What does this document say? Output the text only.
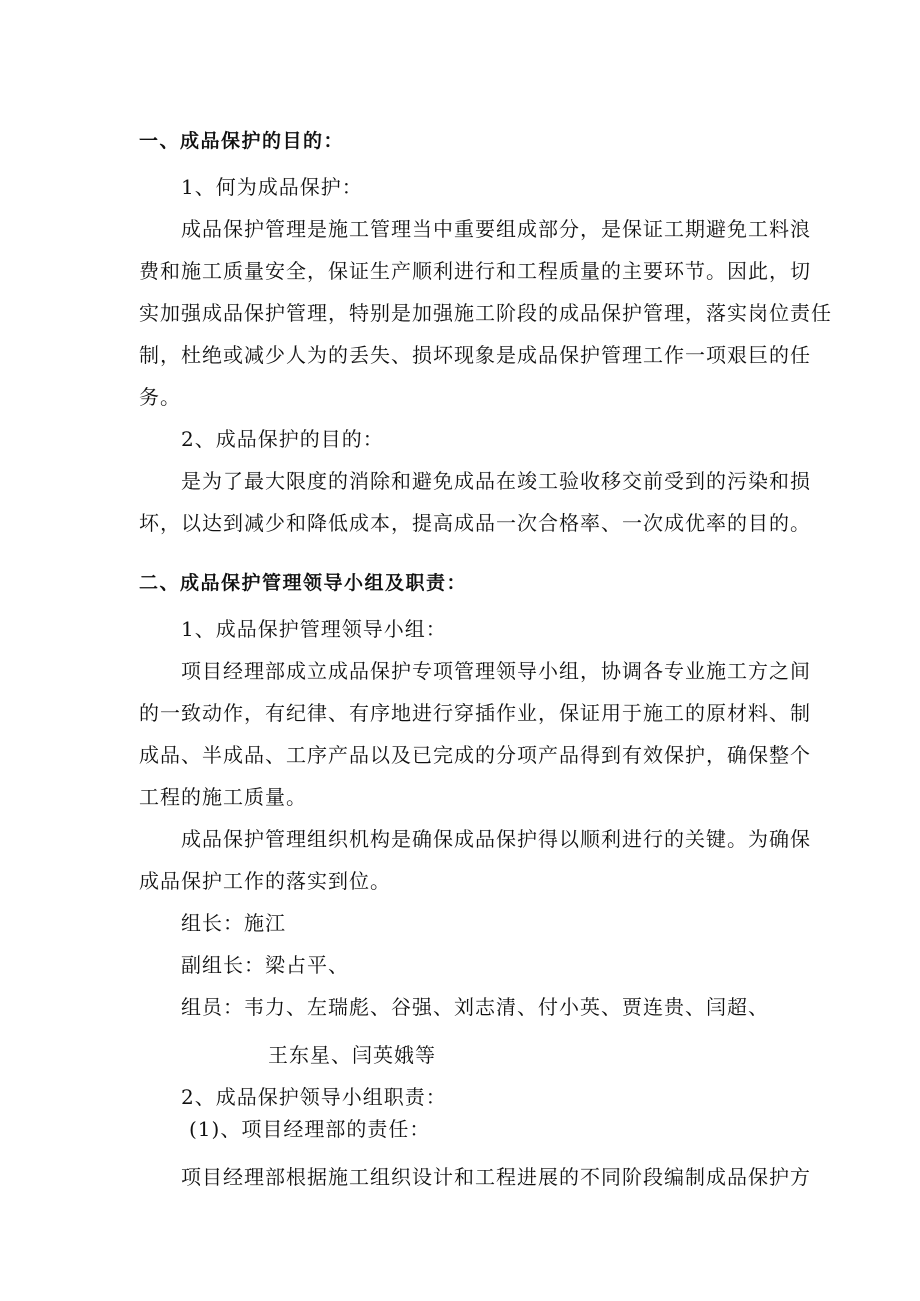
一、成品保护的目的：
1、何为成品保护：
成品保护管理是施工管理当中重要组成部分，是保证工期避免工料浪
费和施工质量安全，保证生产顺利进行和工程质量的主要环节。因此，切
实加强成品保护管理，特别是加强施工阶段的成品保护管理，落实岗位责任
制，杜绝或减少人为的丢失、损坏现象是成品保护管理工作一项艰巨的任
务。
2、成品保护的目的：
是为了最大限度的消除和避免成品在竣工验收移交前受到的污染和损
坏，以达到减少和降低成本，提高成品一次合格率、一次成优率的目的。
二、成品保护管理领导小组及职责：
1、成品保护管理领导小组：
项目经理部成立成品保护专项管理领导小组，协调各专业施工方之间
的一致动作，有纪律、有序地进行穿插作业，保证用于施工的原材料、制
成品、半成品、工序产品以及已完成的分项产品得到有效保护，确保整个
工程的施工质量。
成品保护管理组织机构是确保成品保护得以顺利进行的关键。为确保
成品保护工作的落实到位。
组长：施江
副组长：梁占平、
组员：韦力、左瑞彪、谷强、刘志清、付小英、贾连贵、闫超、
王东星、闫英娥等
2、成品保护领导小组职责：
(1)、项目经理部的责任：
项目经理部根据施工组织设计和工程进展的不同阶段编制成品保护方
